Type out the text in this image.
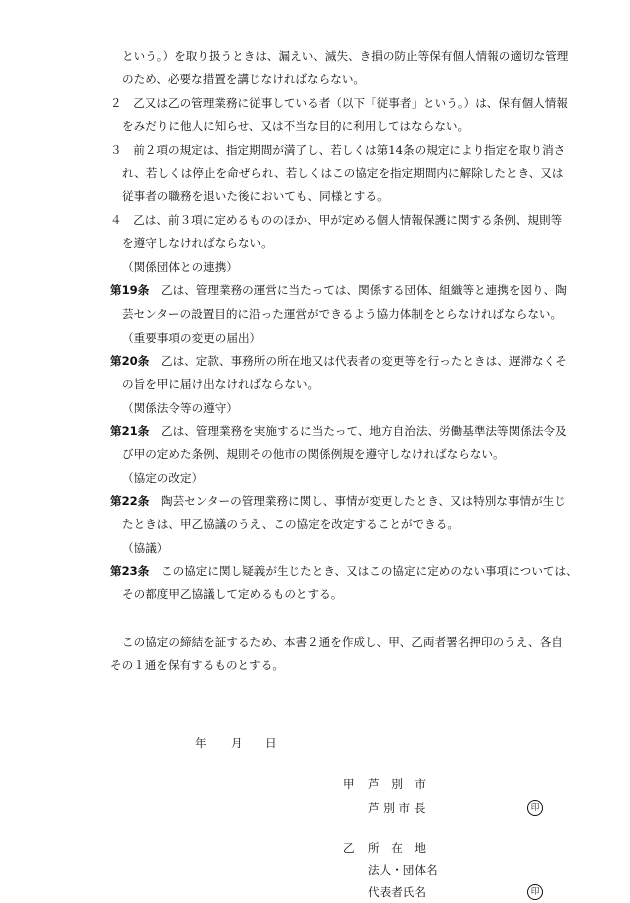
という。）を取り扱うときは、漏えい、滅失、き損の防止等保有個人情報の適切な管理
のため、必要な措置を講じなければならない。
２　乙又は乙の管理業務に従事している者（以下「従事者」という。）は、保有個人情報
をみだりに他人に知らせ、又は不当な目的に利用してはならない。
３　前２項の規定は、指定期間が満了し、若しくは第14条の規定により指定を取り消さ
れ、若しくは停止を命ぜられ、若しくはこの協定を指定期間内に解除したとき、又は
従事者の職務を退いた後においても、同様とする。
４　乙は、前３項に定めるもののほか、甲が定める個人情報保護に関する条例、規則等
を遵守しなければならない。
（関係団体との連携）
第19条 乙は、管理業務の運営に当たっては、関係する団体、組織等と連携を図り、陶
芸センターの設置目的に沿った運営ができるよう協力体制をとらなければならない。
（重要事項の変更の届出）
第20条 乙は、定款、事務所の所在地又は代表者の変更等を行ったときは、遅滞なくそ
の旨を甲に届け出なければならない。
（関係法令等の遵守）
第21条 乙は、管理業務を実施するに当たって、地方自治法、労働基準法等関係法令及
び甲の定めた条例、規則その他市の関係例規を遵守しなければならない。
（協定の改定）
第22条 陶芸センターの管理業務に関し、事情が変更したとき、又は特別な事情が生じ
たときは、甲乙協議のうえ、この協定を改定することができる。
（協議）
第23条 この協定に関し疑義が生じたとき、又はこの協定に定めのない事項については、
その都度甲乙協議して定めるものとする。
この協定の締結を証するため、本書２通を作成し、甲、乙両者署名押印のうえ、各自
その１通を保有するものとする。
年 月 日
甲 芦　別　市
芦 別 市 長	印
乙 所　在　地
法人・団体名
代表者氏名	印
